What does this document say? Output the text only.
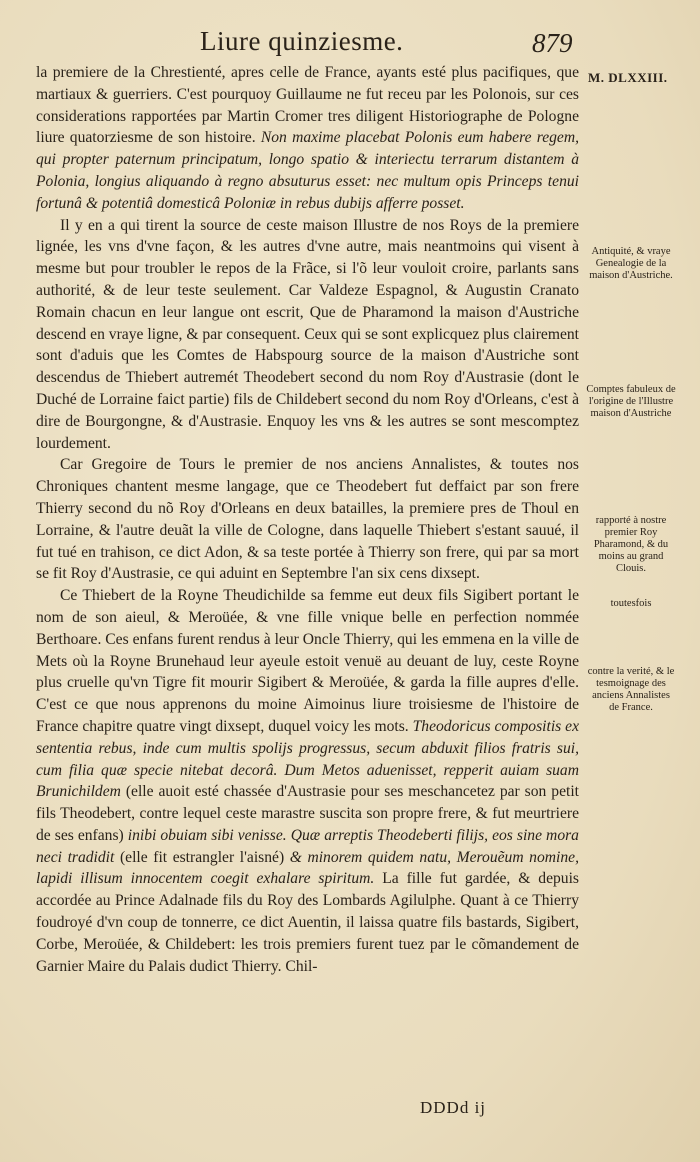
Liure quinziesme.	879
M. DLXXIII.

la premiere de la Chrestienté, apres celle de France, ayants esté plus pacifiques, que martiaux & guerriers. C'est pourquoy Guillaume ne fut receu par les Polonois, sur ces considerations rapportées par Martin Cromer tres diligent Historiographe de Pologne liure quatorziesme de son histoire. Non maxime placebat Polonis eum habere regem, qui propter paternum principatum, longo spatio & interiectu terrarum distantem à Polonia, longius aliquando à regno absuturus esset: nec multum opis Princeps tenui fortunâ & potentiâ domesticâ Poloniæ in rebus dubijs afferre posset.

Il y en a qui tirent la source de ceste maison Illustre de nos Roys de la premiere lignée, les vns d'vne façon, & les autres d'vne autre, mais neantmoins qui visent à mesme but pour troubler le repos de la Frãce, si l'õ leur vouloit croire, parlants sans authorité, & de leur teste seulement. Car Valdeze Espagnol, & Augustin Cranato Romain chacun en leur langue ont escrit, Que de Pharamond la maison d'Austriche descend en vraye ligne, & par consequent. Ceux qui se sont explicquez plus clairement sont d'aduis que les Comtes de Habspourg source de la maison d'Austriche sont descendus de Thiebert autremét Theodebert second du nom Roy d'Austrasie (dont le Duché de Lorraine faict partie) fils de Childebert second du nom Roy d'Orleans, c'est à dire de Bourgongne, & d'Austrasie. Enquoy les vns & les autres se sont mescomptez lourdement.

Car Gregoire de Tours le premier de nos anciens Annalistes, & toutes nos Chroniques chantent mesme langage, que ce Theodebert fut deffaict par son frere Thierry second du nõ Roy d'Orleans en deux batailles, la premiere pres de Thoul en Lorraine, & l'autre deuãt la ville de Cologne, dans laquelle Thiebert s'estant sauué, il fut tué en trahison, ce dict Adon, & sa teste portée à Thierry son frere, qui par sa mort se fit Roy d'Austrasie, ce qui aduint en Septembre l'an six cens dixsept.

Ce Thiebert de la Royne Theudichilde sa femme eut deux fils Sigibert portant le nom de son aieul, & Meroüée, & vne fille vnique belle en perfection nommée Berthoare. Ces enfans furent rendus à leur Oncle Thierry, qui les emmena en la ville de Mets où la Royne Brunehaud leur ayeule estoit venuë au deuant de luy, ceste Royne plus cruelle qu'vn Tigre fit mourir Sigibert & Meroüée, & garda la fille aupres d'elle. C'est ce que nous apprenons du moine Aimoinus liure troisiesme de l'histoire de France chapitre quatre vingt dixsept, duquel voicy les mots. Theodoricus compositis ex sententia rebus, inde cum multis spolijs progressus, secum abduxit filios fratris sui, cum filia quæ specie nitebat decorâ. Dum Metos aduenisset, repperit auiam suam Brunichildem (elle auoit esté chassée d'Austrasie pour ses meschancetez par son petit fils Theodebert, contre lequel ceste marastre suscita son propre frere, & fut meurtriere de ses enfans) inibi obuiam sibi venisse. Quæ arreptis Theodeberti filijs, eos sine mora neci tradidit (elle fit estrangler l'aisné) & minorem quidem natu, Merouẽum nomine, lapidi illisum innocentem coegit exhalare spiritum. La fille fut gardée, & depuis accordée au Prince Adalnade fils du Roy des Lombards Agilulphe. Quant à ce Thierry foudroyé d'vn coup de tonnerre, ce dict Auentin, il laissa quatre fils bastards, Sigibert, Corbe, Meroüée, & Childebert: les trois premiers furent tuez par le cõmandement de Garnier Maire du Palais dudict Thierry. Chil-

Antiquité, & vraye Genealogie de la maison d'Austriche.
Comptes fabuleux de l'origine de l'Illustre maison d'Austriche
rapporté à nostre premier Roy Pharamond, & du moins au grand Clouis.
toutesfois
contre la verité, & le tesmoignage des anciens Annalistes de France.
DDDd ij
